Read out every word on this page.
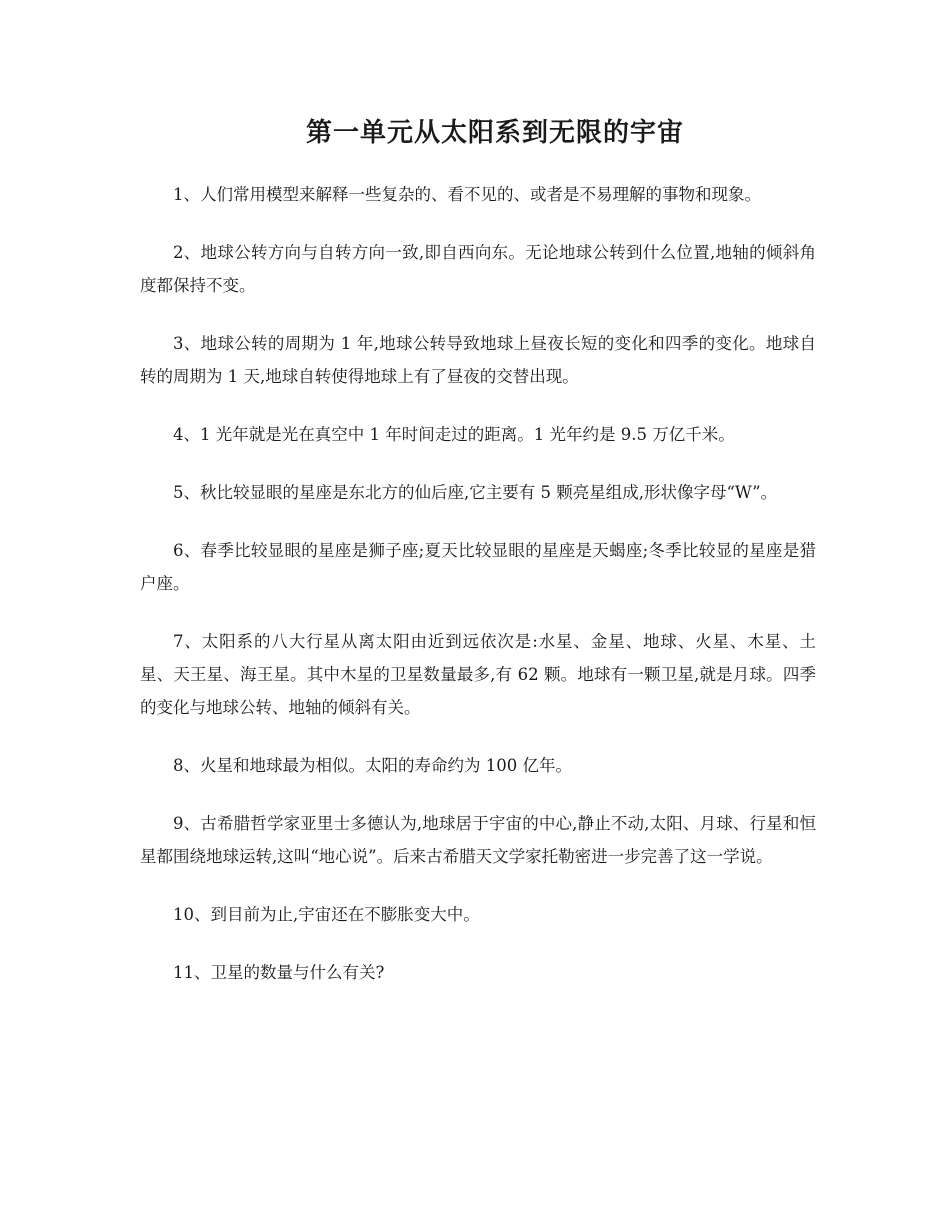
第一单元从太阳系到无限的宇宙

1、人们常用模型来解释一些复杂的、看不见的、或者是不易理解的事物和现象。

2、地球公转方向与自转方向一致,即自西向东。无论地球公转到什么位置,地轴的倾斜角度都保持不变。

3、地球公转的周期为 1 年,地球公转导致地球上昼夜长短的变化和四季的变化。地球自转的周期为 1 天,地球自转使得地球上有了昼夜的交替出现。

4、1 光年就是光在真空中 1 年时间走过的距离。1 光年约是 9.5 万亿千米。

5、秋比较显眼的星座是东北方的仙后座,它主要有 5 颗亮星组成,形状像字母“W”。

6、春季比较显眼的星座是狮子座;夏天比较显眼的星座是天蝎座;冬季比较显的星座是猎户座。

7、太阳系的八大行星从离太阳由近到远依次是:水星、金星、地球、火星、木星、土星、天王星、海王星。其中木星的卫星数量最多,有 62 颗。地球有一颗卫星,就是月球。四季的变化与地球公转、地轴的倾斜有关。

8、火星和地球最为相似。太阳的寿命约为 100 亿年。

9、古希腊哲学家亚里士多德认为,地球居于宇宙的中心,静止不动,太阳、月球、行星和恒星都围绕地球运转,这叫“地心说”。后来古希腊天文学家托勒密进一步完善了这一学说。

10、到目前为止,宇宙还在不膨胀变大中。

11、卫星的数量与什么有关?
